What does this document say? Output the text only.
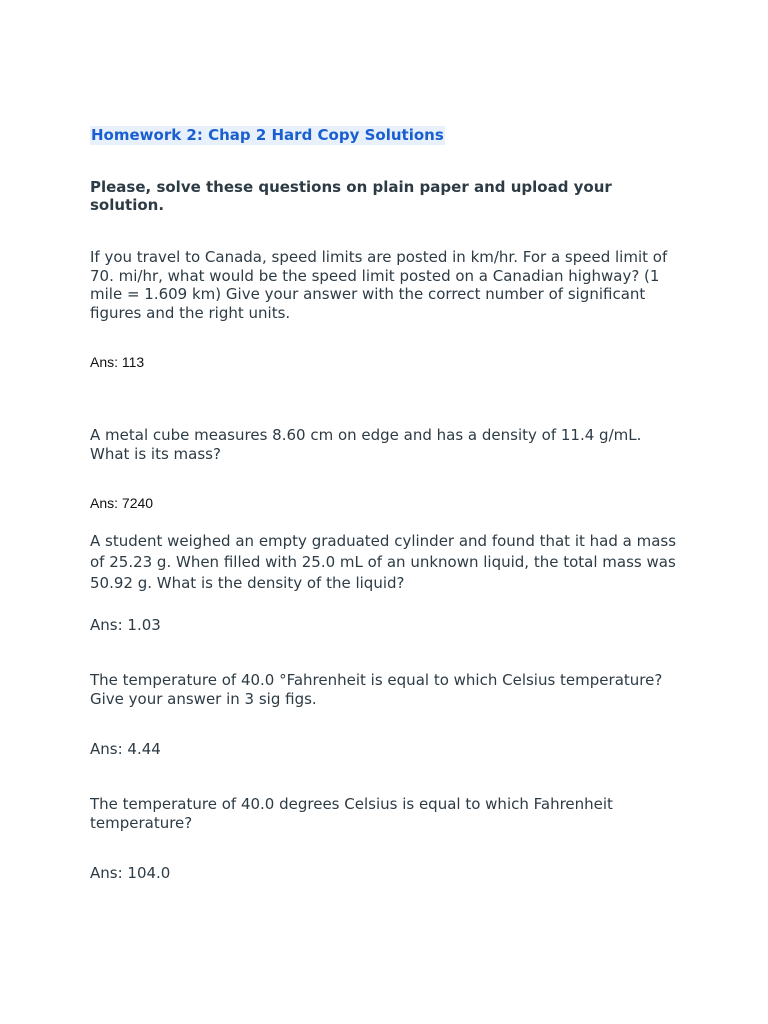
Homework 2: Chap 2 Hard Copy Solutions

Please, solve these questions on plain paper and upload your solution.

If you travel to Canada, speed limits are posted in km/hr. For a speed limit of 70. mi/hr, what would be the speed limit posted on a Canadian highway? (1 mile = 1.609 km) Give your answer with the correct number of significant figures and the right units.

Ans: 113

A metal cube measures 8.60 cm on edge and has a density of 11.4 g/mL. What is its mass?

Ans: 7240

A student weighed an empty graduated cylinder and found that it had a mass of 25.23 g. When filled with 25.0 mL of an unknown liquid, the total mass was 50.92 g. What is the density of the liquid?

Ans: 1.03

The temperature of 40.0 °Fahrenheit is equal to which Celsius temperature? Give your answer in 3 sig figs.

Ans: 4.44

The temperature of 40.0 degrees Celsius is equal to which Fahrenheit temperature?

Ans: 104.0
